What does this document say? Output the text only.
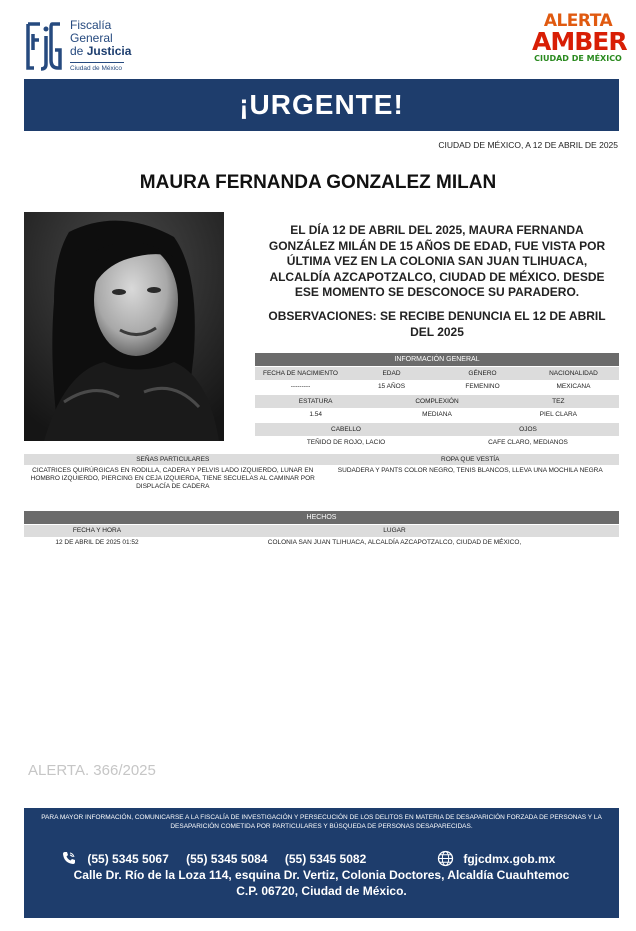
Fiscalía
General
de Justicia
Ciudad de México
ALERTA
AMBER
CIUDAD DE MÉXICO
¡URGENTE!
CIUDAD DE MÉXICO, A 12 DE ABRIL DE 2025
MAURA FERNANDA GONZALEZ MILAN
EL DÍA 12 DE ABRIL DEL 2025, MAURA FERNANDA GONZÁLEZ MILÁN DE 15 AÑOS DE EDAD, FUE VISTA POR ÚLTIMA VEZ EN LA COLONIA SAN JUAN TLIHUACA, ALCALDÍA AZCAPOTZALCO, CIUDAD DE MÉXICO. DESDE ESE MOMENTO SE DESCONOCE SU PARADERO.
OBSERVACIONES: SE RECIBE DENUNCIA EL 12 DE ABRIL DEL 2025
INFORMACIÓN GENERAL
FECHA DE NACIMIENTO	EDAD	GÉNERO	NACIONALIDAD
---------	15 AÑOS	FEMENINO	MEXICANA
ESTATURA	COMPLEXIÓN	TEZ
1.54	MEDIANA	PIEL CLARA
CABELLO	OJOS
TEÑIDO DE ROJO, LACIO	CAFE CLARO, MEDIANOS
SEÑAS PARTICULARES	ROPA QUE VESTÍA
CICATRICES QUIRÚRGICAS EN RODILLA, CADERA Y PELVIS LADO IZQUIERDO, LUNAR EN HOMBRO IZQUIERDO, PIERCING EN CEJA IZQUIERDA, TIENE SECUELAS AL CAMINAR POR DISPLACÍA DE CADERA
SUDADERA Y PANTS COLOR NEGRO, TENIS BLANCOS, LLEVA UNA MOCHILA NEGRA
HECHOS
FECHA Y HORA	LUGAR
12 DE ABRIL DE 2025 01:52	COLONIA SAN JUAN TLIHUACA, ALCALDÍA AZCAPOTZALCO, CIUDAD DE MÉXICO,
ALERTA. 366/2025
PARA MAYOR INFORMACIÓN, COMUNICARSE A LA FISCALÍA DE INVESTIGACIÓN Y PERSECUCIÓN DE LOS DELITOS EN MATERIA DE DESAPARICIÓN FORZADA DE PERSONAS Y LA DESAPARICIÓN COMETIDA POR PARTICULARES Y BÚSQUEDA DE PERSONAS DESAPARECIDAS.
(55) 5345 5067 (55) 5345 5084 (55) 5345 5082	fgjcdmx.gob.mx
Calle Dr. Río de la Loza 114, esquina Dr. Vertiz, Colonia Doctores, Alcaldía Cuauhtemoc
C.P. 06720, Ciudad de México.
